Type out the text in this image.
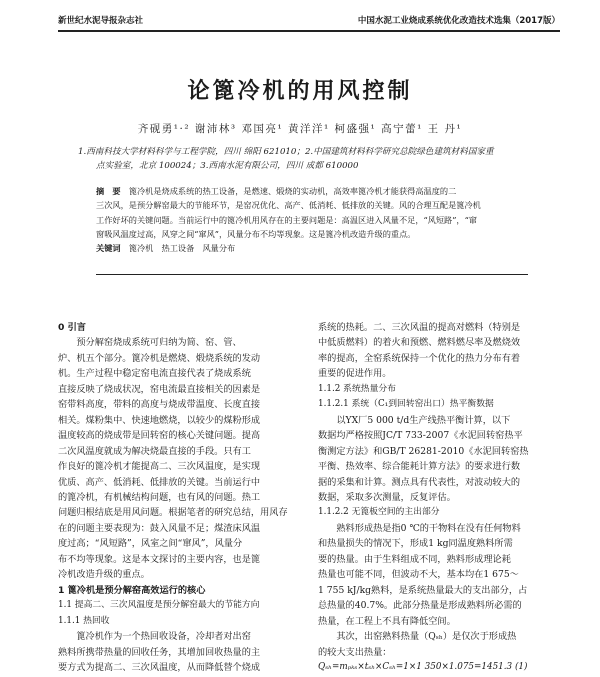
新世纪水泥导报杂志社	中国水泥工业烧成系统优化改造技术选集（2017版）
论篦冷机的用风控制
齐砚勇¹·² 谢沛林³ 邓国亮¹ 黄洋洋¹ 柯盛强¹ 高宁蕾¹ 王 丹¹
1.西南科技大学材料科学与工程学院，四川 绵阳 621010；2.中国建筑材料科学研究总院绿色建筑材料国家重
点实验室，北京 100024；3.西南水泥有限公司，四川 成都 610000

摘　要　 篦冷机是烧成系统的热工设备，是燃速、煅烧的实动机，高效率篦冷机才能获得高温度的二

三次风，是预分解窑最大的节能环节，是窑况优化、高产、低消耗、低排放的关键。风的合理互配是篦冷机

工作好坏的关键问题。当前运行中的篦冷机用风存在的主要问题是：高温区进入风量不足，“风短路”，“窜

窗吸风温度过高，风穿之间“窜风”，风量分布不均等现象。这是篦冷机改造升级的重点。

关键词　 篦冷机　热工设备　风量分布

0 引言

　　预分解窑烧成系统可归纳为简、窑、管、

炉、机五个部分。篦冷机是燃烧、煅烧系统的发动

机。生产过程中稳定窑电流直接代表了烧成系统

直接反映了烧成状况，窑电流最直接相关的因素是

窑带料高度，带料的高度与烧成带温度、长度直接

相关。煤粉集中、快速地燃烧，以较少的煤粉形成

温度较高的烧成带是回转窑的核心关键问题。提高

二次风温度就成为解决烧最直接的手段。只有工

作良好的篦冷机才能提高二、三次风温度，是实现

优质、高产、低消耗、低排放的关键。当前运行中

的篦冷机，有机械结构问题，也有风的问题。热工

问题归根结底是用风问题。根据笔者的研究总结，用风存

在的问题主要表现为：鼓入风量不足；煤渣床风温

度过高；“风短路”，风室之间“窜风”，风量分

布不均等现象。这是本文探讨的主要内容，也是篦

冷机改造升级的重点。

1 篦冷机是预分解窑高效运行的核心

1.1 提高二、三次风温度是预分解窑最大的节能方向

1.1.1 热回收

　　篦冷机作为一个热回收设备，冷却者对出窑

熟料所携带热量的回收任务，其增加回收热量的主

要方式为提高二、三次风温度，从而降低替个烧成

系统的热耗。二、三次风温的提高对燃料（特别是

中低质燃料）的着火和预燃、燃料燃尽率及燃烧效

率的提高，全窑系统保持一个优化的热力分布有着

重要的促进作用。

1.1.2 系统热量分布

1.1.2.1 系统（C₁到回转窑出口）热平衡数据

　　以YX厂5 000 t/d生产线热平衡计算，以下

数据均严格按照JC/T 733-2007《水泥回转窑热平

衡测定方法》和GB/T 26281-2010《水泥回转窑热

平衡、热效率、综合能耗计算方法》的要求进行数

据的采集和计算。测点具有代表性，对波动较大的

数据，采取多次测量，反复评估。

1.1.2.2 无篦板空间的主出部分

　　熟料形成热是指0 ℃的干物料在没有任何物料

和热量损失的情况下，形成1 kg同温度熟料所需

要的热量。由于生料组成不同，熟料形成理论耗

热量也可能不同，但波动不大，基本均在1 675～

1 755 kJ/kg熟料，是系统热量最大的支出部分，占

总热量的40.7%。此部分热量是形成熟料所必需的

热量，在工程上不具有降低空间。

　　其次，出窑熟料热量（Qₛₕ）是仅次于形成热

的较大支出热量：

Qₛₕ=mₚₖₛ×tₛₕ×Cₛₕ=1×1 350×1.075=1451.3 (1)
